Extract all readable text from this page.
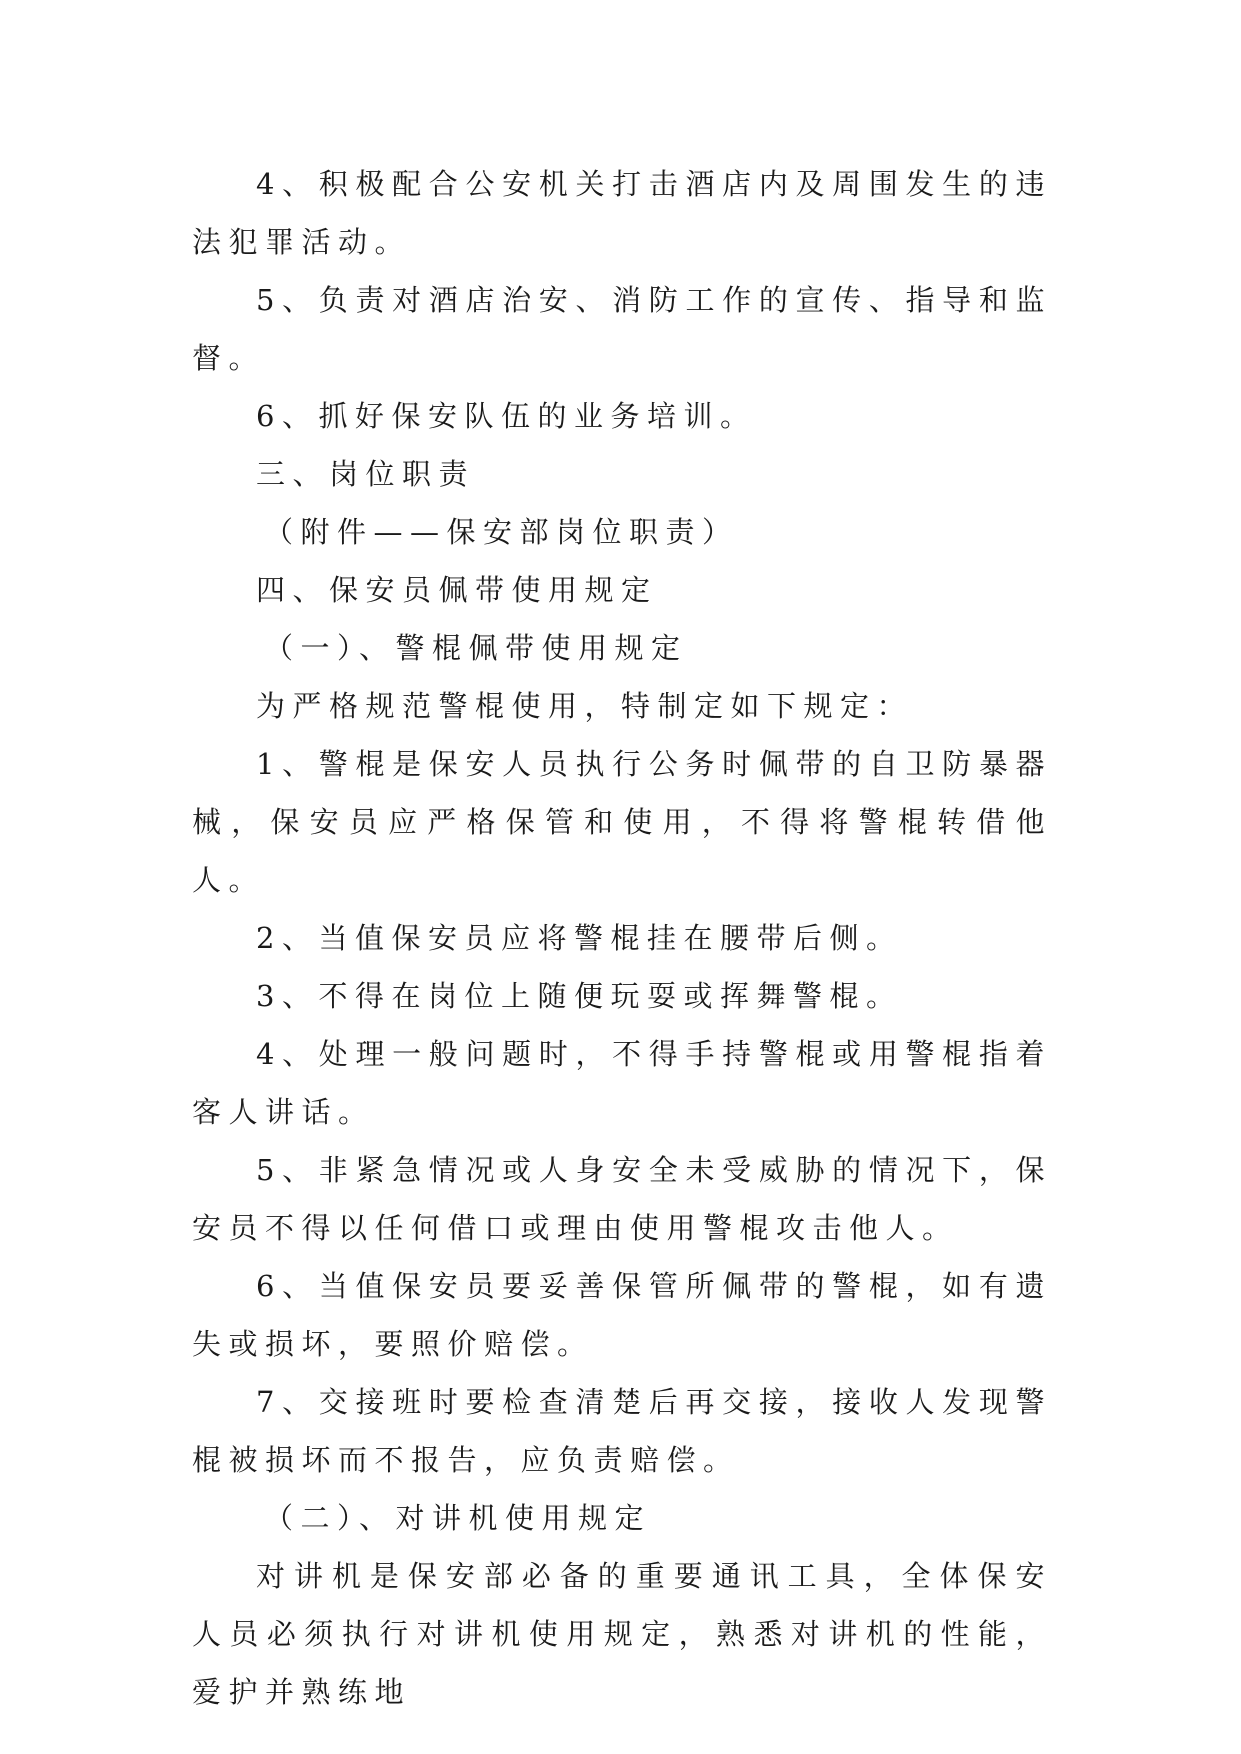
4、积极配合公安机关打击酒店内及周围发生的违法犯罪活动。

5、负责对酒店治安、消防工作的宣传、指导和监督。

6、抓好保安队伍的业务培训。

三、岗位职责

（附件——保安部岗位职责）

四、保安员佩带使用规定

（一）、警棍佩带使用规定

为严格规范警棍使用，特制定如下规定：

1、警棍是保安人员执行公务时佩带的自卫防暴器械，保安员应严格保管和使用，不得将警棍转借他人。

2、当值保安员应将警棍挂在腰带后侧。

3、不得在岗位上随便玩耍或挥舞警棍。

4、处理一般问题时，不得手持警棍或用警棍指着客人讲话。

5、非紧急情况或人身安全未受威胁的情况下，保安员不得以任何借口或理由使用警棍攻击他人。

6、当值保安员要妥善保管所佩带的警棍，如有遗失或损坏，要照价赔偿。

7、交接班时要检查清楚后再交接，接收人发现警棍被损坏而不报告，应负责赔偿。

（二）、对讲机使用规定

对讲机是保安部必备的重要通讯工具，全体保安人员必须执行对讲机使用规定，熟悉对讲机的性能，爱护并熟练地
